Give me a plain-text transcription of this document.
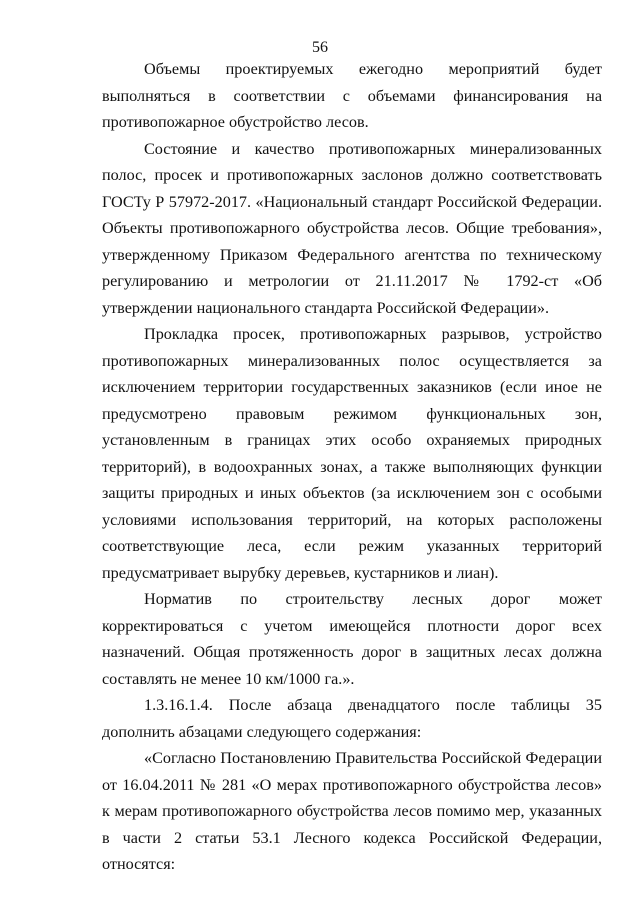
56

Объемы проектируемых ежегодно мероприятий будет выполняться в соответствии с объемами финансирования на противопожарное обустройство лесов.

Состояние и качество противопожарных минерализованных полос, просек и противопожарных заслонов должно соответствовать ГОСТу Р 57972-2017. «Национальный стандарт Российской Федерации. Объекты противопожарного обустройства лесов. Общие требования», утвержденному Приказом Федерального агентства по техническому регулированию и метрологии от 21.11.2017 № 1792-ст «Об утверждении национального стандарта Российской Федерации».

Прокладка просек, противопожарных разрывов, устройство противопожарных минерализованных полос осуществляется за исключением территории государственных заказников (если иное не предусмотрено правовым режимом функциональных зон, установленным в границах этих особо охраняемых природных территорий), в водоохранных зонах, а также выполняющих функции защиты природных и иных объектов (за исключением зон с особыми условиями использования территорий, на которых расположены соответствующие леса, если режим указанных территорий предусматривает вырубку деревьев, кустарников и лиан).

Норматив по строительству лесных дорог может корректироваться с учетом имеющейся плотности дорог всех назначений. Общая протяженность дорог в защитных лесах должна составлять не менее 10 км/1000 га.».

1.3.16.1.4. После абзаца двенадцатого после таблицы 35 дополнить абзацами следующего содержания:

«Согласно Постановлению Правительства Российской Федерации от 16.04.2011 № 281 «О мерах противопожарного обустройства лесов» к мерам противопожарного обустройства лесов помимо мер, указанных в части 2 статьи 53.1 Лесного кодекса Российской Федерации, относятся:
